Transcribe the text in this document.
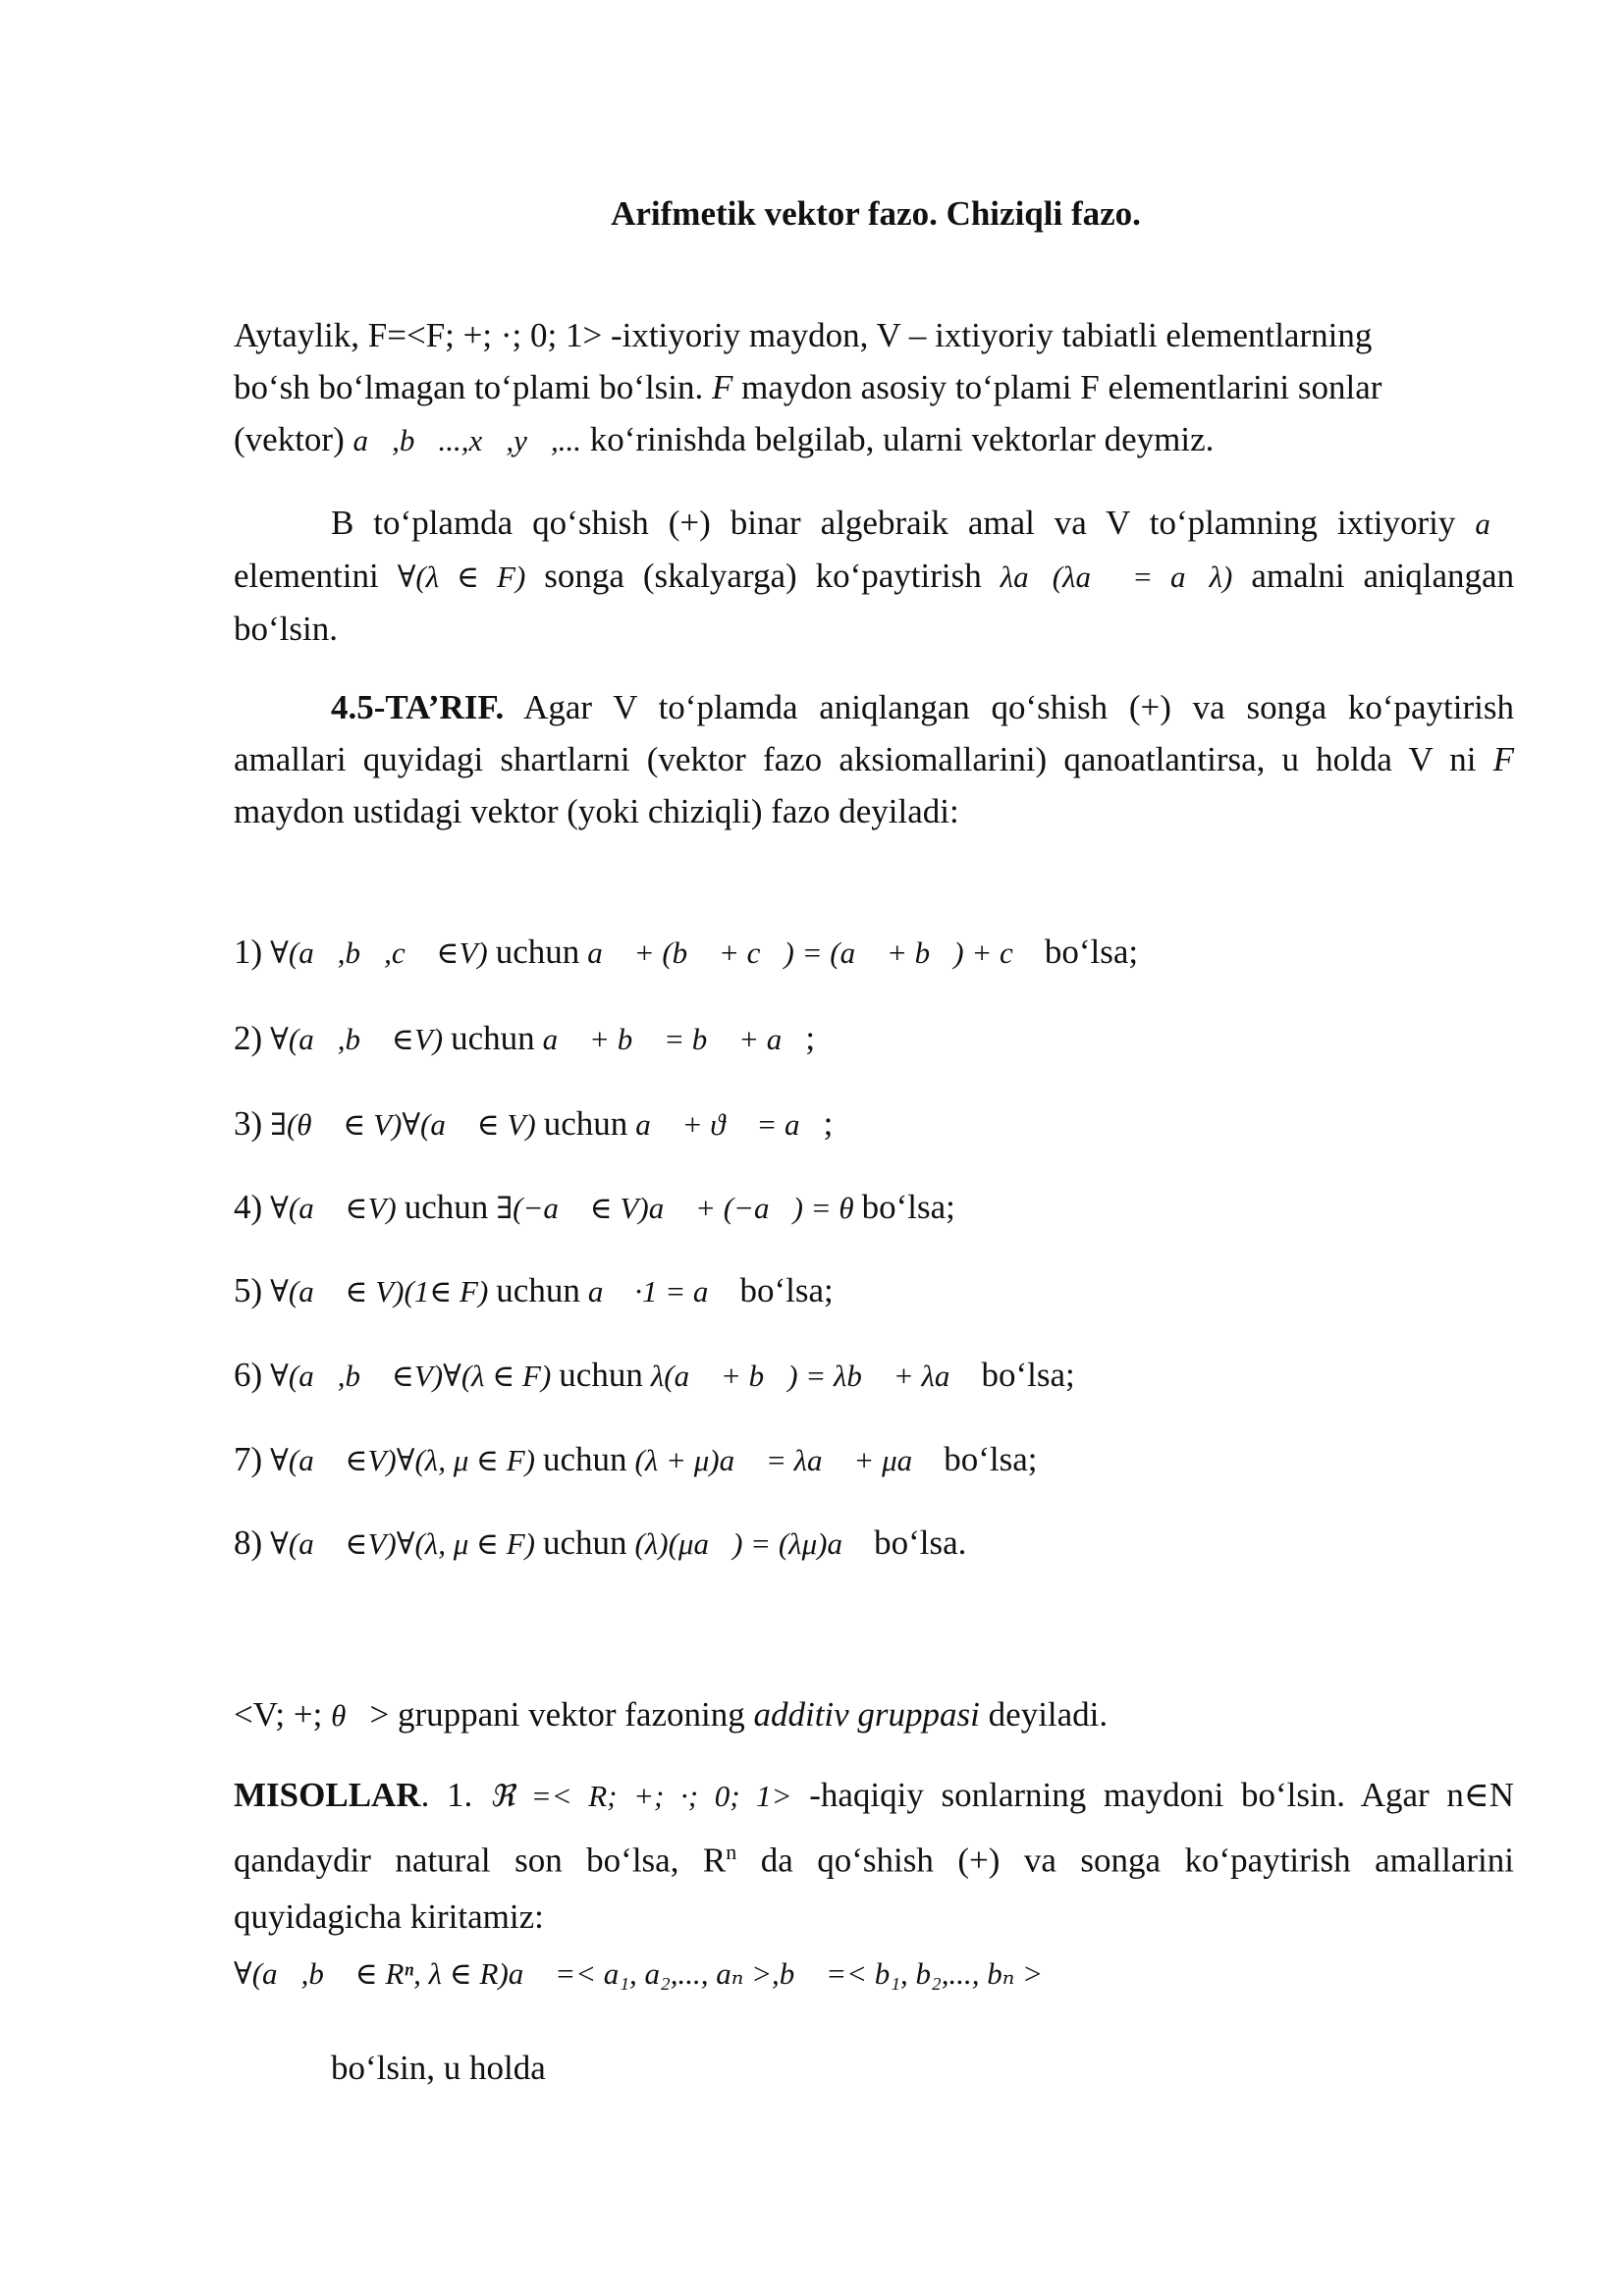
Arifmetik vektor fazo. Chiziqli fazo.
Aytaylik, F=<F; +; ·; 0; 1> -ixtiyoriy maydon, V – ixtiyoriy tabiatli elementlarning
bo‘sh bo‘lmagan to‘plami bo‘lsin. F maydon asosiy to‘plami F elementlarini sonlar
(vektor) a⃗,b⃗...,x⃗,y⃗,... ko‘rinishda belgilab, ularni vektorlar deymiz.
B to‘plamda qo‘shish (+) binar algebraik amal va V to‘plamning ixtiyoriy a⃗ elementini ∀(λ ∈ F) songa (skalyarga) ko‘paytirish λa⃗(λa⃗ = a⃗λ) amalni aniqlangan bo‘lsin.
4.5-TA’RIF. Agar V to‘plamda aniqlangan qo‘shish (+) va songa ko‘paytirish amallari quyidagi shartlarni (vektor fazo aksiomallarini) qanoatlantirsa, u holda V ni F maydon ustidagi vektor (yoki chiziqli) fazo deyiladi:
1) ∀(a⃗,b⃗,c⃗ ∈V) uchun a⃗ + (b⃗ + c⃗) = (a⃗ + b⃗) + c⃗ bo‘lsa;
2) ∀(a⃗,b⃗ ∈V) uchun a⃗ + b⃗ = b⃗ + a⃗;
3) ∃(θ⃗ ∈ V)∀(a⃗ ∈ V) uchun a⃗ + ϑ⃗ = a⃗;
4) ∀(a⃗ ∈V) uchun ∃(−a⃗ ∈ V)a⃗ + (−a⃗) = θ bo‘lsa;
5) ∀(a⃗ ∈ V)(1∈ F) uchun a⃗ ·1 = a⃗ bo‘lsa;
6) ∀(a⃗,b⃗ ∈V)∀(λ ∈ F) uchun λ(a⃗ + b⃗) = λb⃗ + λa⃗ bo‘lsa;
7) ∀(a⃗ ∈V)∀(λ, μ ∈ F) uchun (λ + μ)a⃗ = λa⃗ + μa⃗ bo‘lsa;
8) ∀(a⃗ ∈V)∀(λ, μ ∈ F) uchun (λ)(μa⃗) = (λμ)a⃗ bo‘lsa.
<V; +; θ⃗> gruppani vektor fazoning additiv gruppasi deyiladi.
MISOLLAR. 1. ℜ =< R; +; ·; 0; 1> -haqiqiy sonlarning maydoni bo‘lsin. Agar n∈N qandaydir natural son bo‘lsa, $R^n$ da qo‘shish (+) va songa ko‘paytirish amallarini quyidagicha kiritamiz:
∀(a⃗,b⃗ ∈ Rⁿ, λ ∈ R)a⃗ =< a₁, a₂,..., aₙ >,b⃗ =< b₁, b₂,..., bₙ >
bo‘lsin, u holda
